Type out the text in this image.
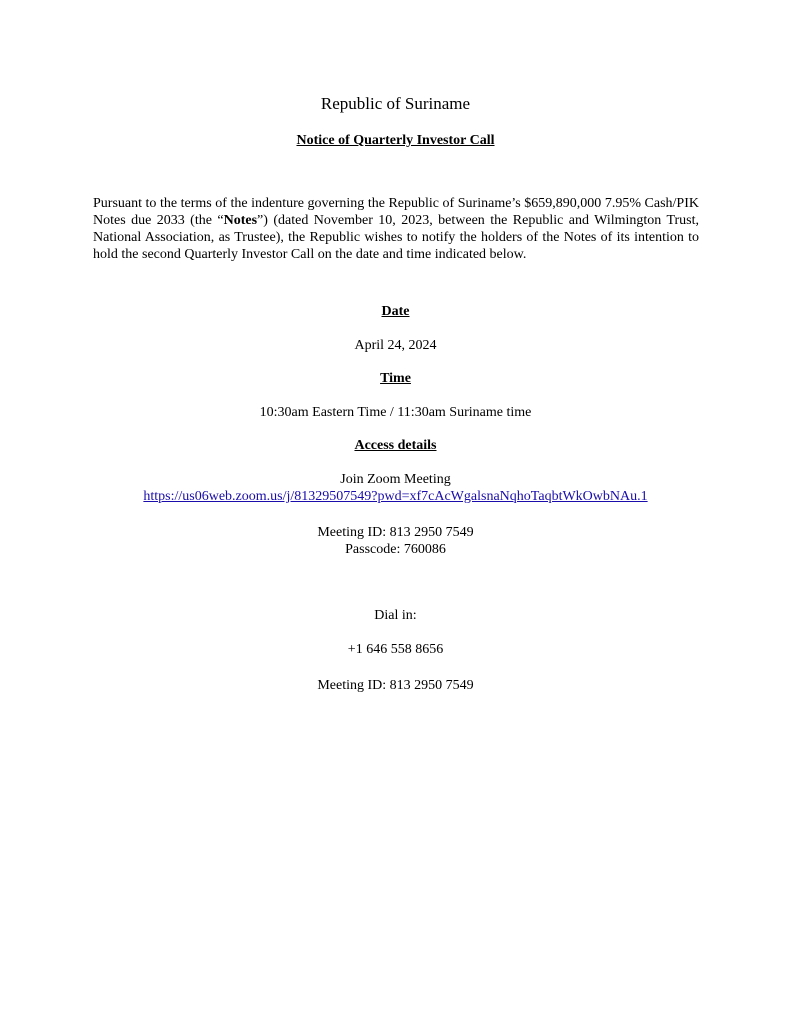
Republic of Suriname
Notice of Quarterly Investor Call
Pursuant to the terms of the indenture governing the Republic of Suriname’s $659,890,000 7.95% Cash/PIK Notes due 2033 (the “Notes”) (dated November 10, 2023, between the Republic and Wilmington Trust, National Association, as Trustee), the Republic wishes to notify the holders of the Notes of its intention to hold the second Quarterly Investor Call on the date and time indicated below.
Date
April 24, 2024
Time
10:30am Eastern Time / 11:30am Suriname time
Access details
Join Zoom Meeting
https://us06web.zoom.us/j/81329507549?pwd=xf7cAcWgalsnaNqhoTaqbtWkOwbNAu.1
Meeting ID: 813 2950 7549
Passcode: 760086
Dial in:
+1 646 558 8656
Meeting ID: 813 2950 7549
